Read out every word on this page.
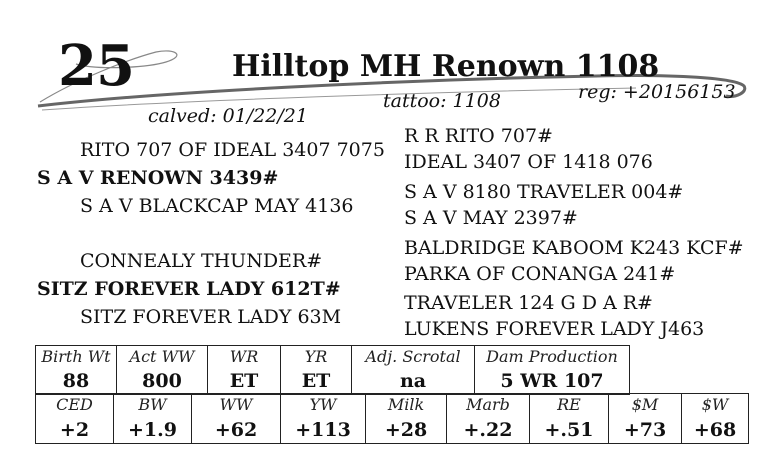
25	Hilltop MH Renown 1108
reg: +20156153
tattoo: 1108
calved: 01/22/21
RITO 707 OF IDEAL 3407 7075
S A V RENOWN 3439#
S A V BLACKCAP MAY 4136
CONNEALY THUNDER#
SITZ FOREVER LADY 612T#
SITZ FOREVER LADY 63M
R R RITO 707#
IDEAL 3407 OF 1418 076
S A V 8180 TRAVELER 004#
S A V MAY 2397#
BALDRIDGE KABOOM K243 KCF#
PARKA OF CONANGA 241#
TRAVELER 124 G D A R#
LUKENS FOREVER LADY J463
Birth Wt	Act WW	WR	YR	Adj. Scrotal	Dam Production
88	800	ET	ET	na	5 WR 107
CED	BW	WW	YW	Milk	Marb	RE	$M	$W
+2	+1.9	+62	+113	+28	+.22	+.51	+73	+68
